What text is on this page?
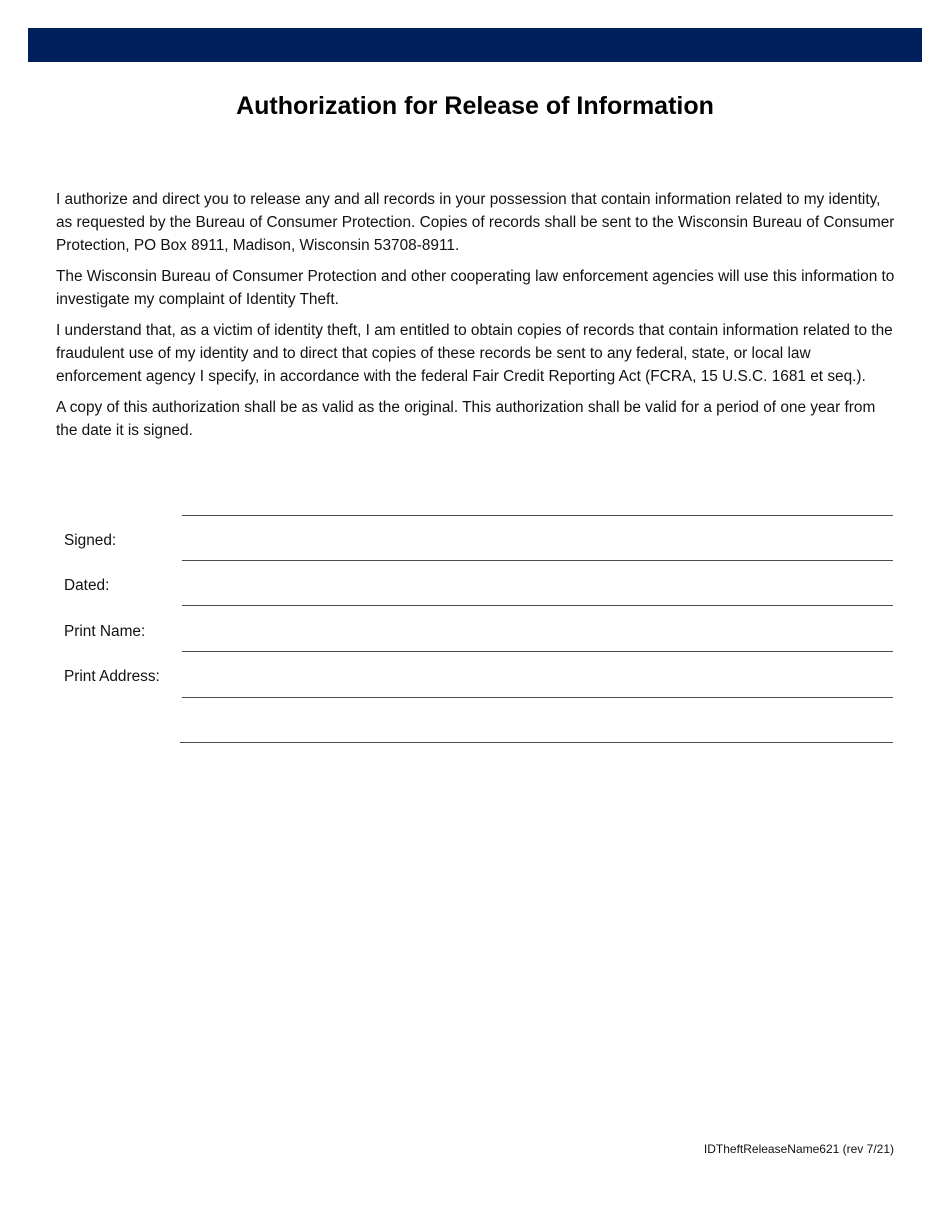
Authorization for Release of Information

I authorize and direct you to release any and all records in your possession that contain information related to my identity, as requested by the Bureau of Consumer Protection. Copies of records shall be sent to the Wisconsin Bureau of Consumer Protection, PO Box 8911, Madison, Wisconsin 53708-8911.

The Wisconsin Bureau of Consumer Protection and other cooperating law enforcement agencies will use this information to investigate my complaint of Identity Theft.

I understand that, as a victim of identity theft, I am entitled to obtain copies of records that contain information related to the fraudulent use of my identity and to direct that copies of these records be sent to any federal, state, or local law enforcement agency I specify, in accordance with the federal Fair Credit Reporting Act (FCRA, 15 U.S.C. 1681 et seq.).

A copy of this authorization shall be as valid as the original. This authorization shall be valid for a period of one year from the date it is signed.

Signed:
Dated:
Print Name:
Print Address:
IDTheftReleaseName621 (rev 7/21)
